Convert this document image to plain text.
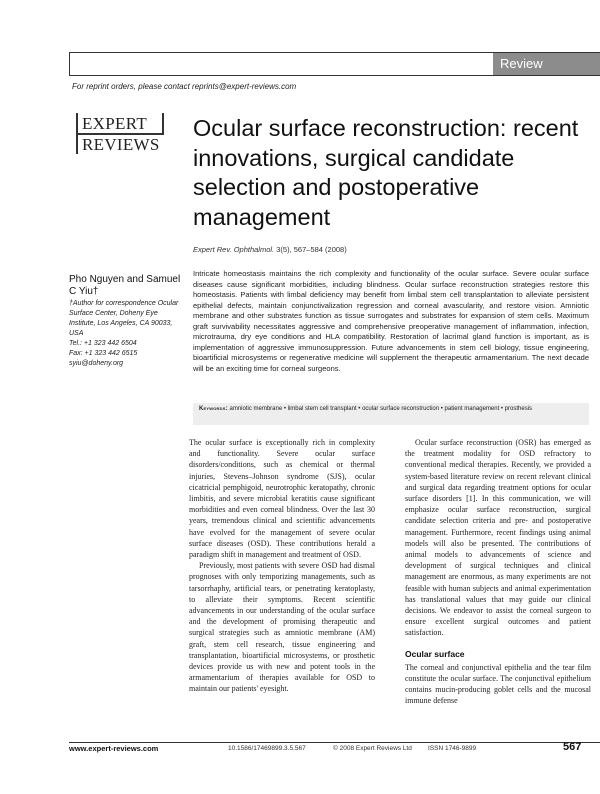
Review
For reprint orders, please contact reprints@expert-reviews.com
EXPERT
REVIEWS
Ocular surface reconstruction: recent innovations, surgical candidate selection and postoperative management
Expert Rev. Ophthalmol. 3(5), 567–584 (2008)
Pho Nguyen and Samuel C Yiu†
†Author for correspondence Ocular Surface Center, Doheny Eye Institute, Los Angeles, CA 90033, USA
Tel.: +1 323 442 6504
Fax: +1 323 442 6515
syiu@doheny.org
Intricate homeostasis maintains the rich complexity and functionality of the ocular surface. Severe ocular surface diseases cause significant morbidities, including blindness. Ocular surface reconstruction strategies restore this homeostasis. Patients with limbal deficiency may benefit from limbal stem cell transplantation to alleviate persistent epithelial defects, maintain conjunctivalization regression and corneal avascularity, and restore vision. Amniotic membrane and other substrates function as tissue surrogates and substrates for expansion of stem cells. Maximum graft survivability necessitates aggressive and comprehensive preoperative management of inflammation, infection, microtrauma, dry eye conditions and HLA compatibility. Restoration of lacrimal gland function is important, as is implementation of aggressive immunosuppression. Future advancements in stem cell biology, tissue engineering, bioartificial microsystems or regenerative medicine will supplement the therapeutic armamentarium. The next decade will be an exciting time for corneal surgeons.
Keywords: amniotic membrane • limbal stem cell transplant • ocular surface reconstruction • patient management • prosthesis

The ocular surface is exceptionally rich in complexity and functionality. Severe ocular surface disorders/conditions, such as chemical or thermal injuries, Stevens–Johnson syndrome (SJS), ocular cicatricial pemphigoid, neurotrophic keratopathy, chronic limbitis, and severe microbial keratitis cause significant morbidities and even corneal blindness. Over the last 30 years, tremendous clinical and scientific advancements have evolved for the management of severe ocular surface diseases (OSD). These contributions herald a paradigm shift in management and treatment of OSD.

Previously, most patients with severe OSD had dismal prognoses with only temporizing managements, such as tarsorrhaphy, artificial tears, or penetrating keratoplasty, to alleviate their symptoms. Recent scientific advancements in our understanding of the ocular surface and the development of promising therapeutic and surgical strategies such as amniotic membrane (AM) graft, stem cell research, tissue engineering and transplantation, bioartificial microsystems, or prosthetic devices provide us with new and potent tools in the armamentarium of therapies available for OSD to maintain our patients' eyesight.

Ocular surface reconstruction (OSR) has emerged as the treatment modality for OSD refractory to conventional medical therapies. Recently, we provided a system-based literature review on recent relevant clinical and surgical data regarding treatment options for ocular surface disorders [1]. In this communication, we will emphasize ocular surface reconstruction, surgical candidate selection criteria and pre- and postoperative management. Furthermore, recent findings using animal models will also be presented. The contributions of animal models to advancements of science and development of surgical techniques and clinical management are enormous, as many experiments are not feasible with human subjects and animal experimentation has translational values that may guide our clinical decisions. We endeavor to assist the corneal surgeon to ensure excellent surgical outcomes and patient satisfaction.

Ocular surface

The corneal and conjunctival epithelia and the tear film constitute the ocular surface. The conjunctival epithelium contains mucin-producing goblet cells and the mucosal immune defense

www.expert-reviews.com	10.1586/17469899.3.5.567	© 2008 Expert Reviews Ltd ISSN 1746-9899	567
